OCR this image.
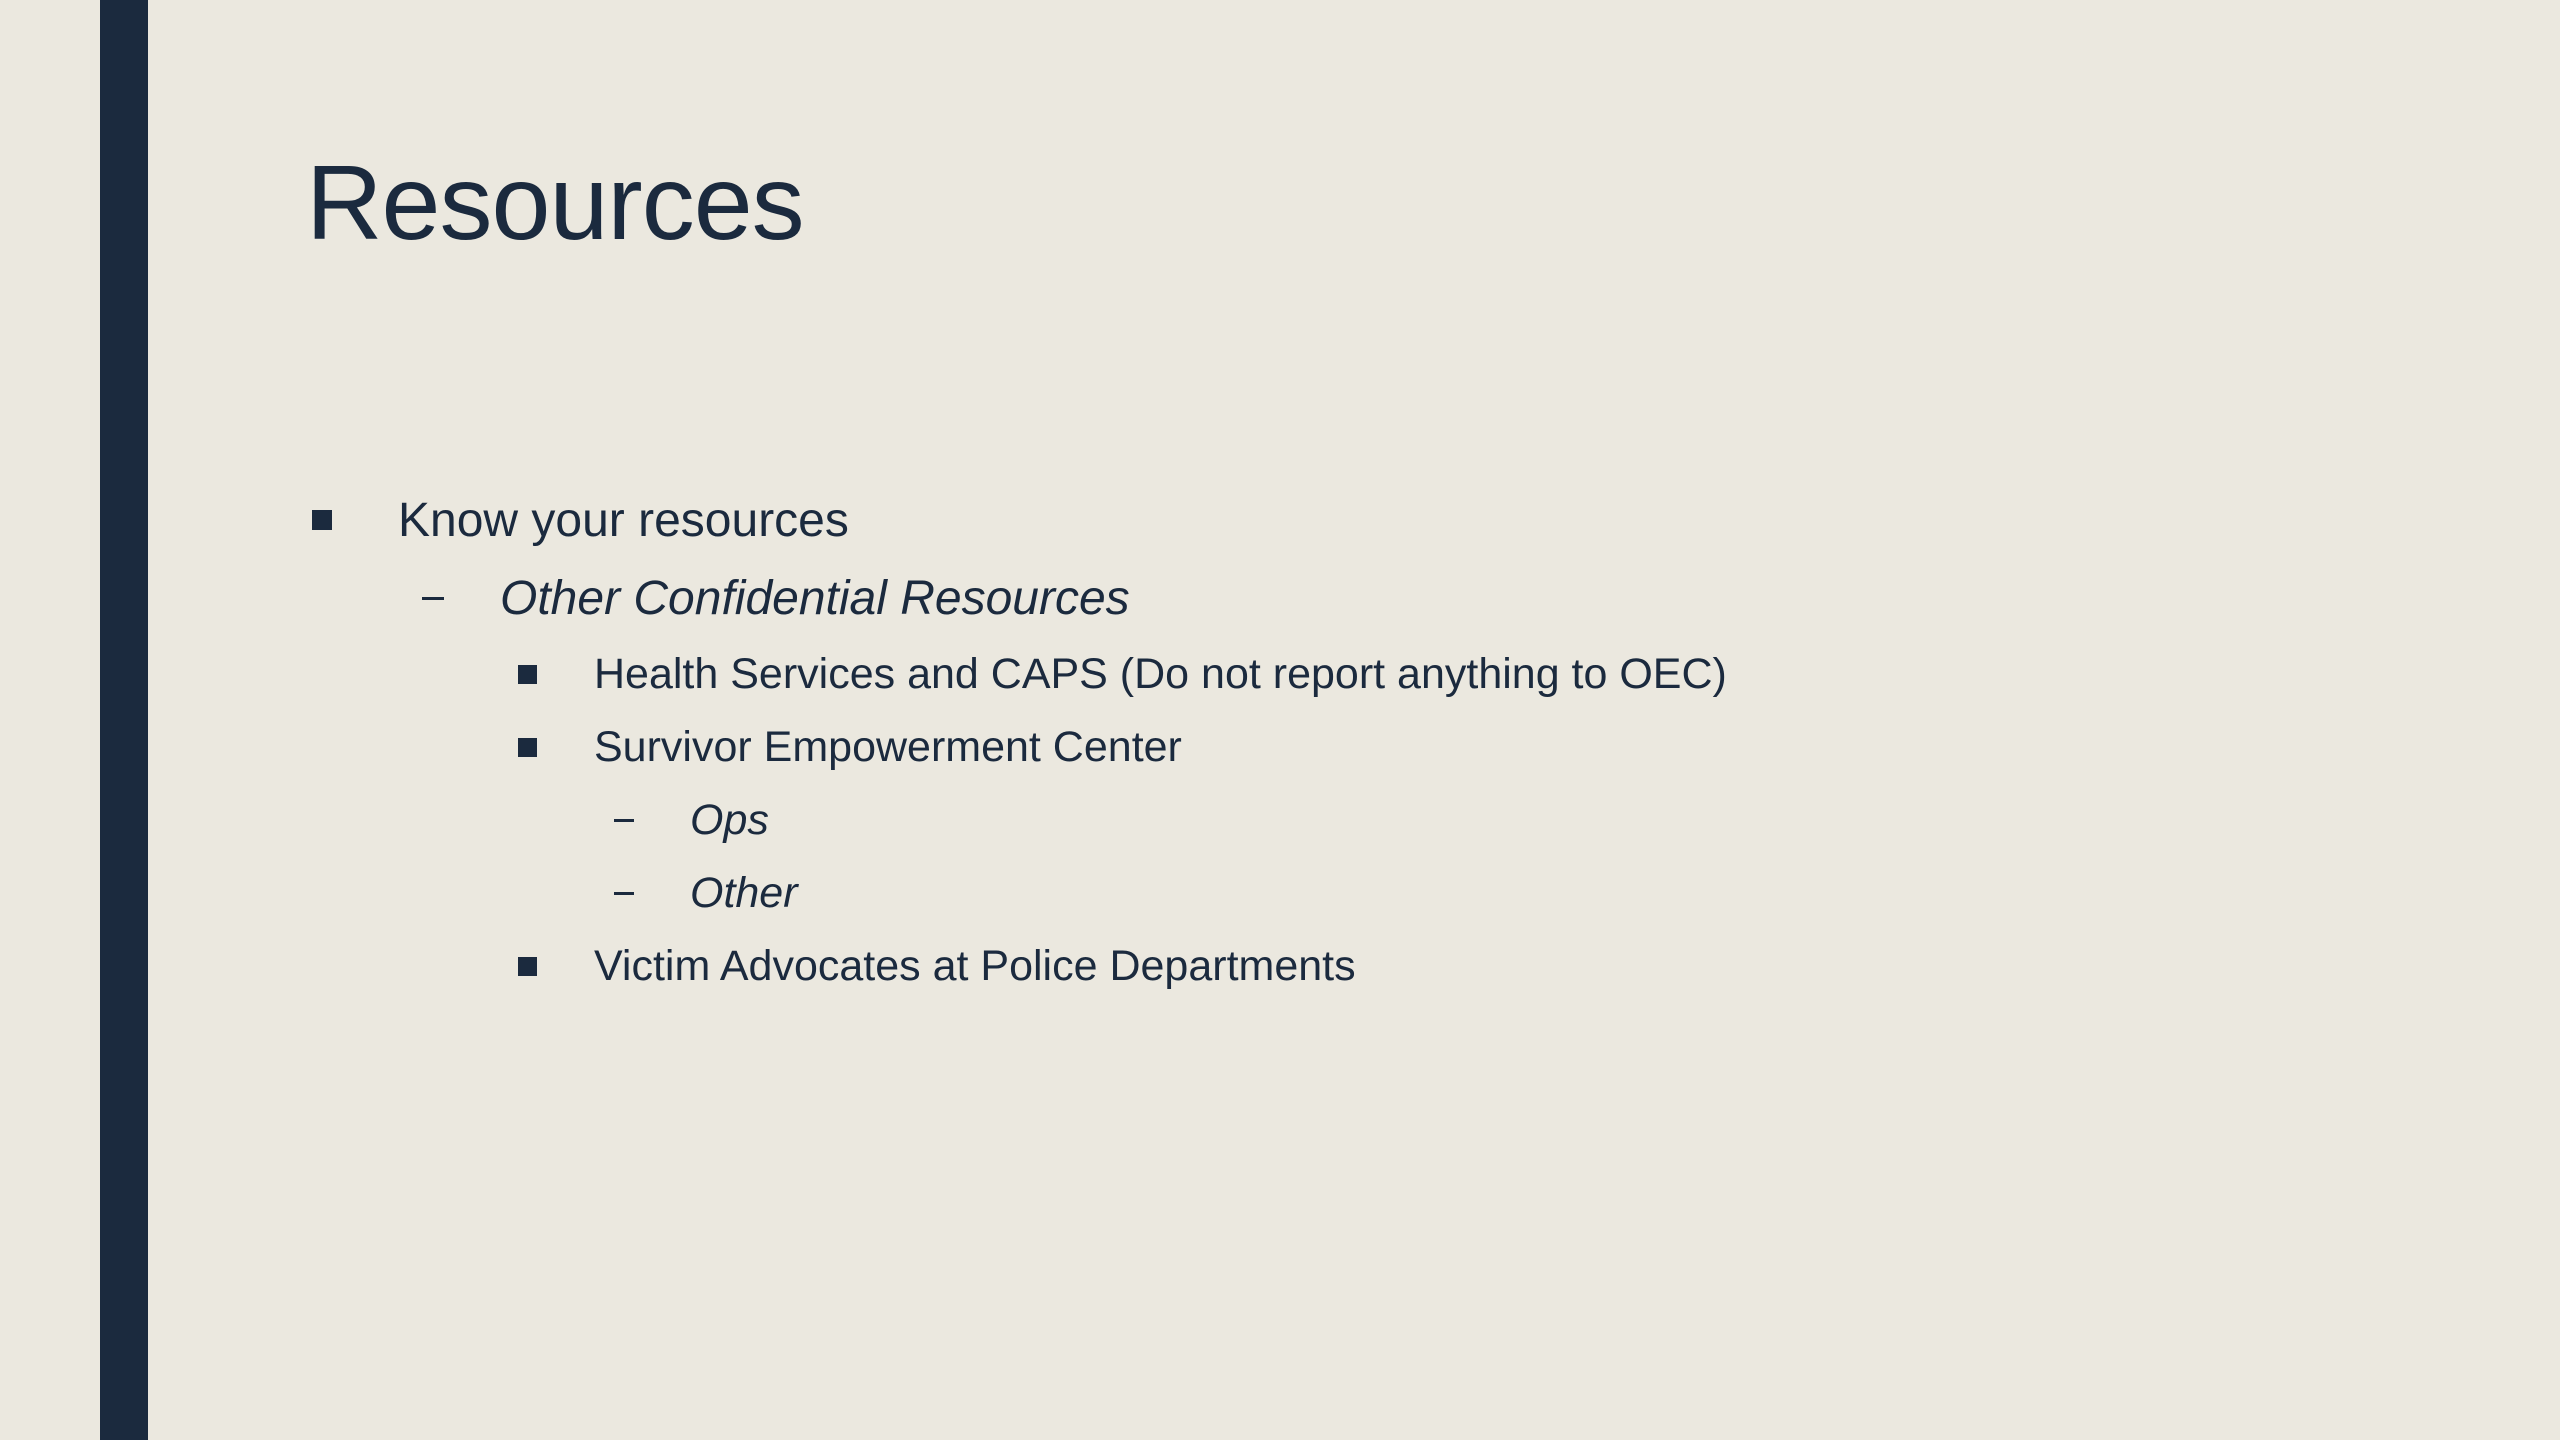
Resources
Know your resources
Other Confidential Resources
Health Services and CAPS (Do not report anything to OEC)
Survivor Empowerment Center
Ops
Other
Victim Advocates at Police Departments
